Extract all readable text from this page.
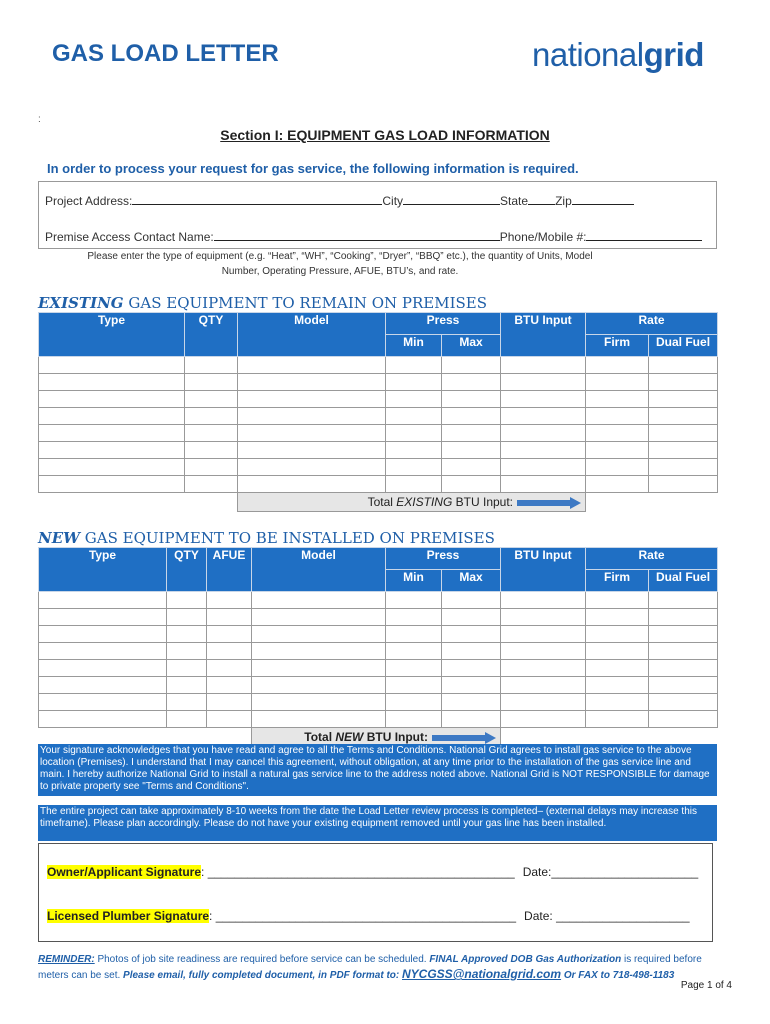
GAS LOAD LETTER	nationalgrid
:
Section I: EQUIPMENT GAS LOAD INFORMATION
In order to process your request for gas service, the following information is required.
Project Address:	City	State Zip
Premise Access Contact Name:	Phone/Mobile #:
Please enter the type of equipment (e.g. “Heat”, “WH”, “Cooking”, “Dryer”, “BBQ” etc.), the quantity of Units, Model
Number, Operating Pressure, AFUE, BTU’s, and rate.
EXISTING GAS EQUIPMENT TO REMAIN ON PREMISES
Type	QTY	Model	Press		BTU Input	Rate	
			Min	Max		Firm	Dual Fuel

		Total EXISTING BTU Input:			

NEW GAS EQUIPMENT TO BE INSTALLED ON PREMISES
Type	QTY	AFUE	Model	Press		BTU Input	Rate	
				Min	Max		Firm	Dual Fuel

			Total NEW BTU Input:		

Your signature acknowledges that you have read and agree to all the Terms and Conditions. National Grid agrees to install gas service to the above location (Premises). I understand that I may cancel this agreement, without obligation, at any time prior to the installation of the gas service line and main. I hereby authorize National Grid to install a natural gas service line to the address noted above. National Grid is NOT RESPONSIBLE for damage to private property see "Terms and Conditions".
The entire project can take approximately 8-10 weeks from the date the Load Letter review process is completed– (external delays may increase this timeframe). Please plan accordingly. Please do not have your existing equipment removed until your gas line has been installed.
Owner/Applicant Signature: ______________________________________________ Date:______________________
Licensed Plumber Signature: _____________________________________________ Date: ____________________
REMINDER: Photos of job site readiness are required before service can be scheduled. FINAL Approved DOB Gas Authorization is required before meters can be set. Please email, fully completed document, in PDF format to: NYCGSS@nationalgrid.com Or FAX to 718-498-1183
Page 1 of 4
